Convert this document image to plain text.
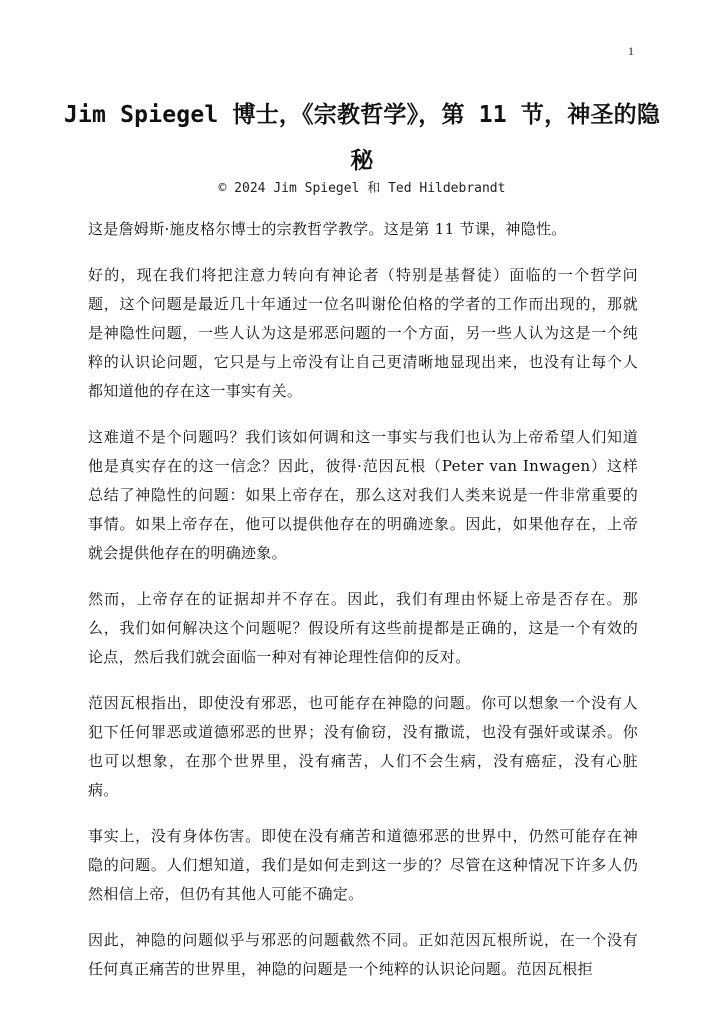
1
Jim Spiegel 博士，《宗教哲学》，第 11 节，神圣的隐秘
© 2024 Jim Spiegel 和 Ted Hildebrandt

这是詹姆斯·施皮格尔博士的宗教哲学教学。这是第 11 节课，神隐性。

好的，现在我们将把注意力转向有神论者（特别是基督徒）面临的一个哲学问题，这个问题是最近几十年通过一位名叫谢伦伯格的学者的工作而出现的，那就是神隐性问题，一些人认为这是邪恶问题的一个方面，另一些人认为这是一个纯粹的认识论问题，它只是与上帝没有让自己更清晰地显现出来，也没有让每个人都知道他的存在这一事实有关。

这难道不是个问题吗？我们该如何调和这一事实与我们也认为上帝希望人们知道他是真实存在的这一信念？因此，彼得·范因瓦根（Peter van Inwagen）这样总结了神隐性的问题：如果上帝存在，那么这对我们人类来说是一件非常重要的事情。如果上帝存在，他可以提供他存在的明确迹象。因此，如果他存在，上帝就会提供他存在的明确迹象。

然而，上帝存在的证据却并不存在。因此，我们有理由怀疑上帝是否存在。那么，我们如何解决这个问题呢？假设所有这些前提都是正确的，这是一个有效的论点，然后我们就会面临一种对有神论理性信仰的反对。

范因瓦根指出，即使没有邪恶，也可能存在神隐的问题。你可以想象一个没有人犯下任何罪恶或道德邪恶的世界；没有偷窃，没有撒谎，也没有强奸或谋杀。你也可以想象，在那个世界里，没有痛苦，人们不会生病，没有癌症，没有心脏病。

事实上，没有身体伤害。即使在没有痛苦和道德邪恶的世界中，仍然可能存在神隐的问题。人们想知道，我们是如何走到这一步的？尽管在这种情况下许多人仍然相信上帝，但仍有其他人可能不确定。

因此，神隐的问题似乎与邪恶的问题截然不同。正如范因瓦根所说，在一个没有任何真正痛苦的世界里，神隐的问题是一个纯粹的认识论问题。范因瓦根拒
